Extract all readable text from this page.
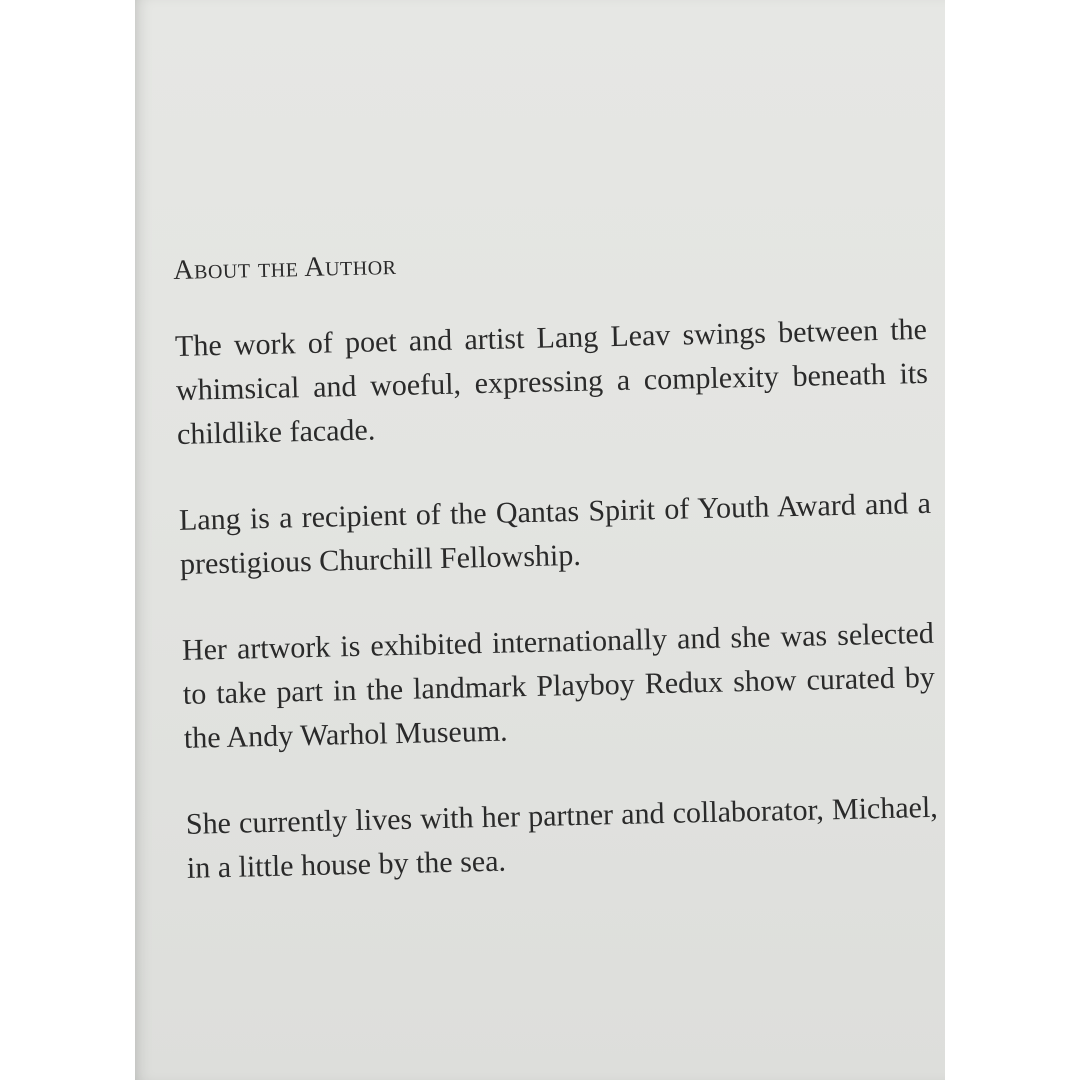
About the Author

The work of poet and artist Lang Leav swings between the whimsical and woeful, expressing a complexity beneath its childlike facade.

Lang is a recipient of the Qantas Spirit of Youth Award and a prestigious Churchill Fellowship.

Her artwork is exhibited internationally and she was selected to take part in the landmark Playboy Redux show curated by the Andy Warhol Museum.

She currently lives with her partner and collaborator, Michael, in a little house by the sea.
